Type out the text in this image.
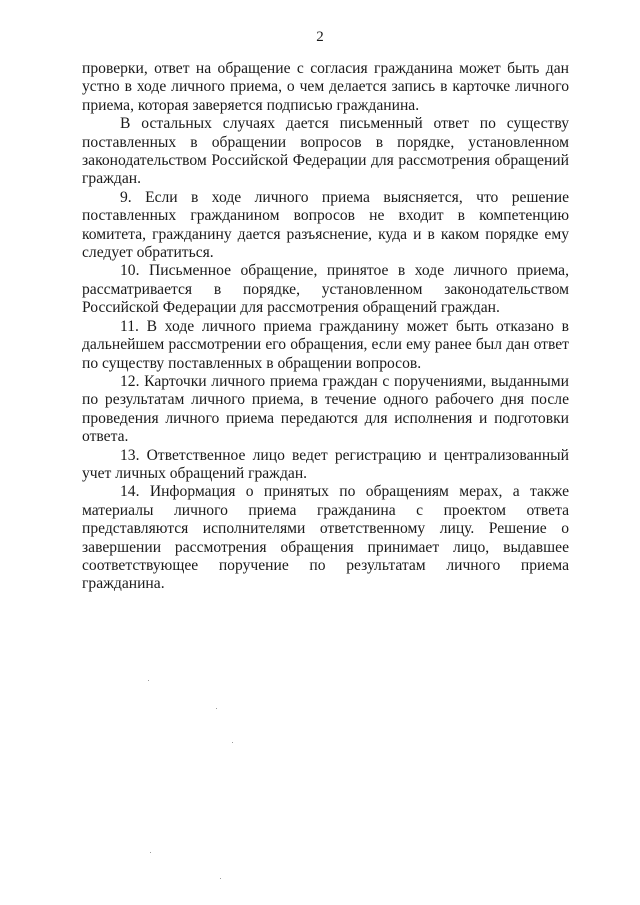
2

проверки, ответ на обращение с согласия гражданина может быть дан устно в ходе личного приема, о чем делается запись в карточке личного приема, которая заверяется подписью гражданина.

В остальных случаях дается письменный ответ по существу поставленных в обращении вопросов в порядке, установленном законодательством Российской Федерации для рассмотрения обращений граждан.

9. Если в ходе личного приема выясняется, что решение поставленных гражданином вопросов не входит в компетенцию комитета, гражданину дается разъяснение, куда и в каком порядке ему следует обратиться.

10. Письменное обращение, принятое в ходе личного приема, рассматривается в порядке, установленном законодательством Российской Федерации для рассмотрения обращений граждан.

11. В ходе личного приема гражданину может быть отказано в дальнейшем рассмотрении его обращения, если ему ранее был дан ответ по существу поставленных в обращении вопросов.

12. Карточки личного приема граждан с поручениями, выданными по результатам личного приема, в течение одного рабочего дня после проведения личного приема передаются для исполнения и подготовки ответа.

13. Ответственное лицо ведет регистрацию и централизованный учет личных обращений граждан.

14. Информация о принятых по обращениям мерах, а также материалы личного приема гражданина с проектом ответа представляются исполнителями ответственному лицу. Решение о завершении рассмотрения обращения принимает лицо, выдавшее соответствующее поручение по результатам личного приема гражданина.
